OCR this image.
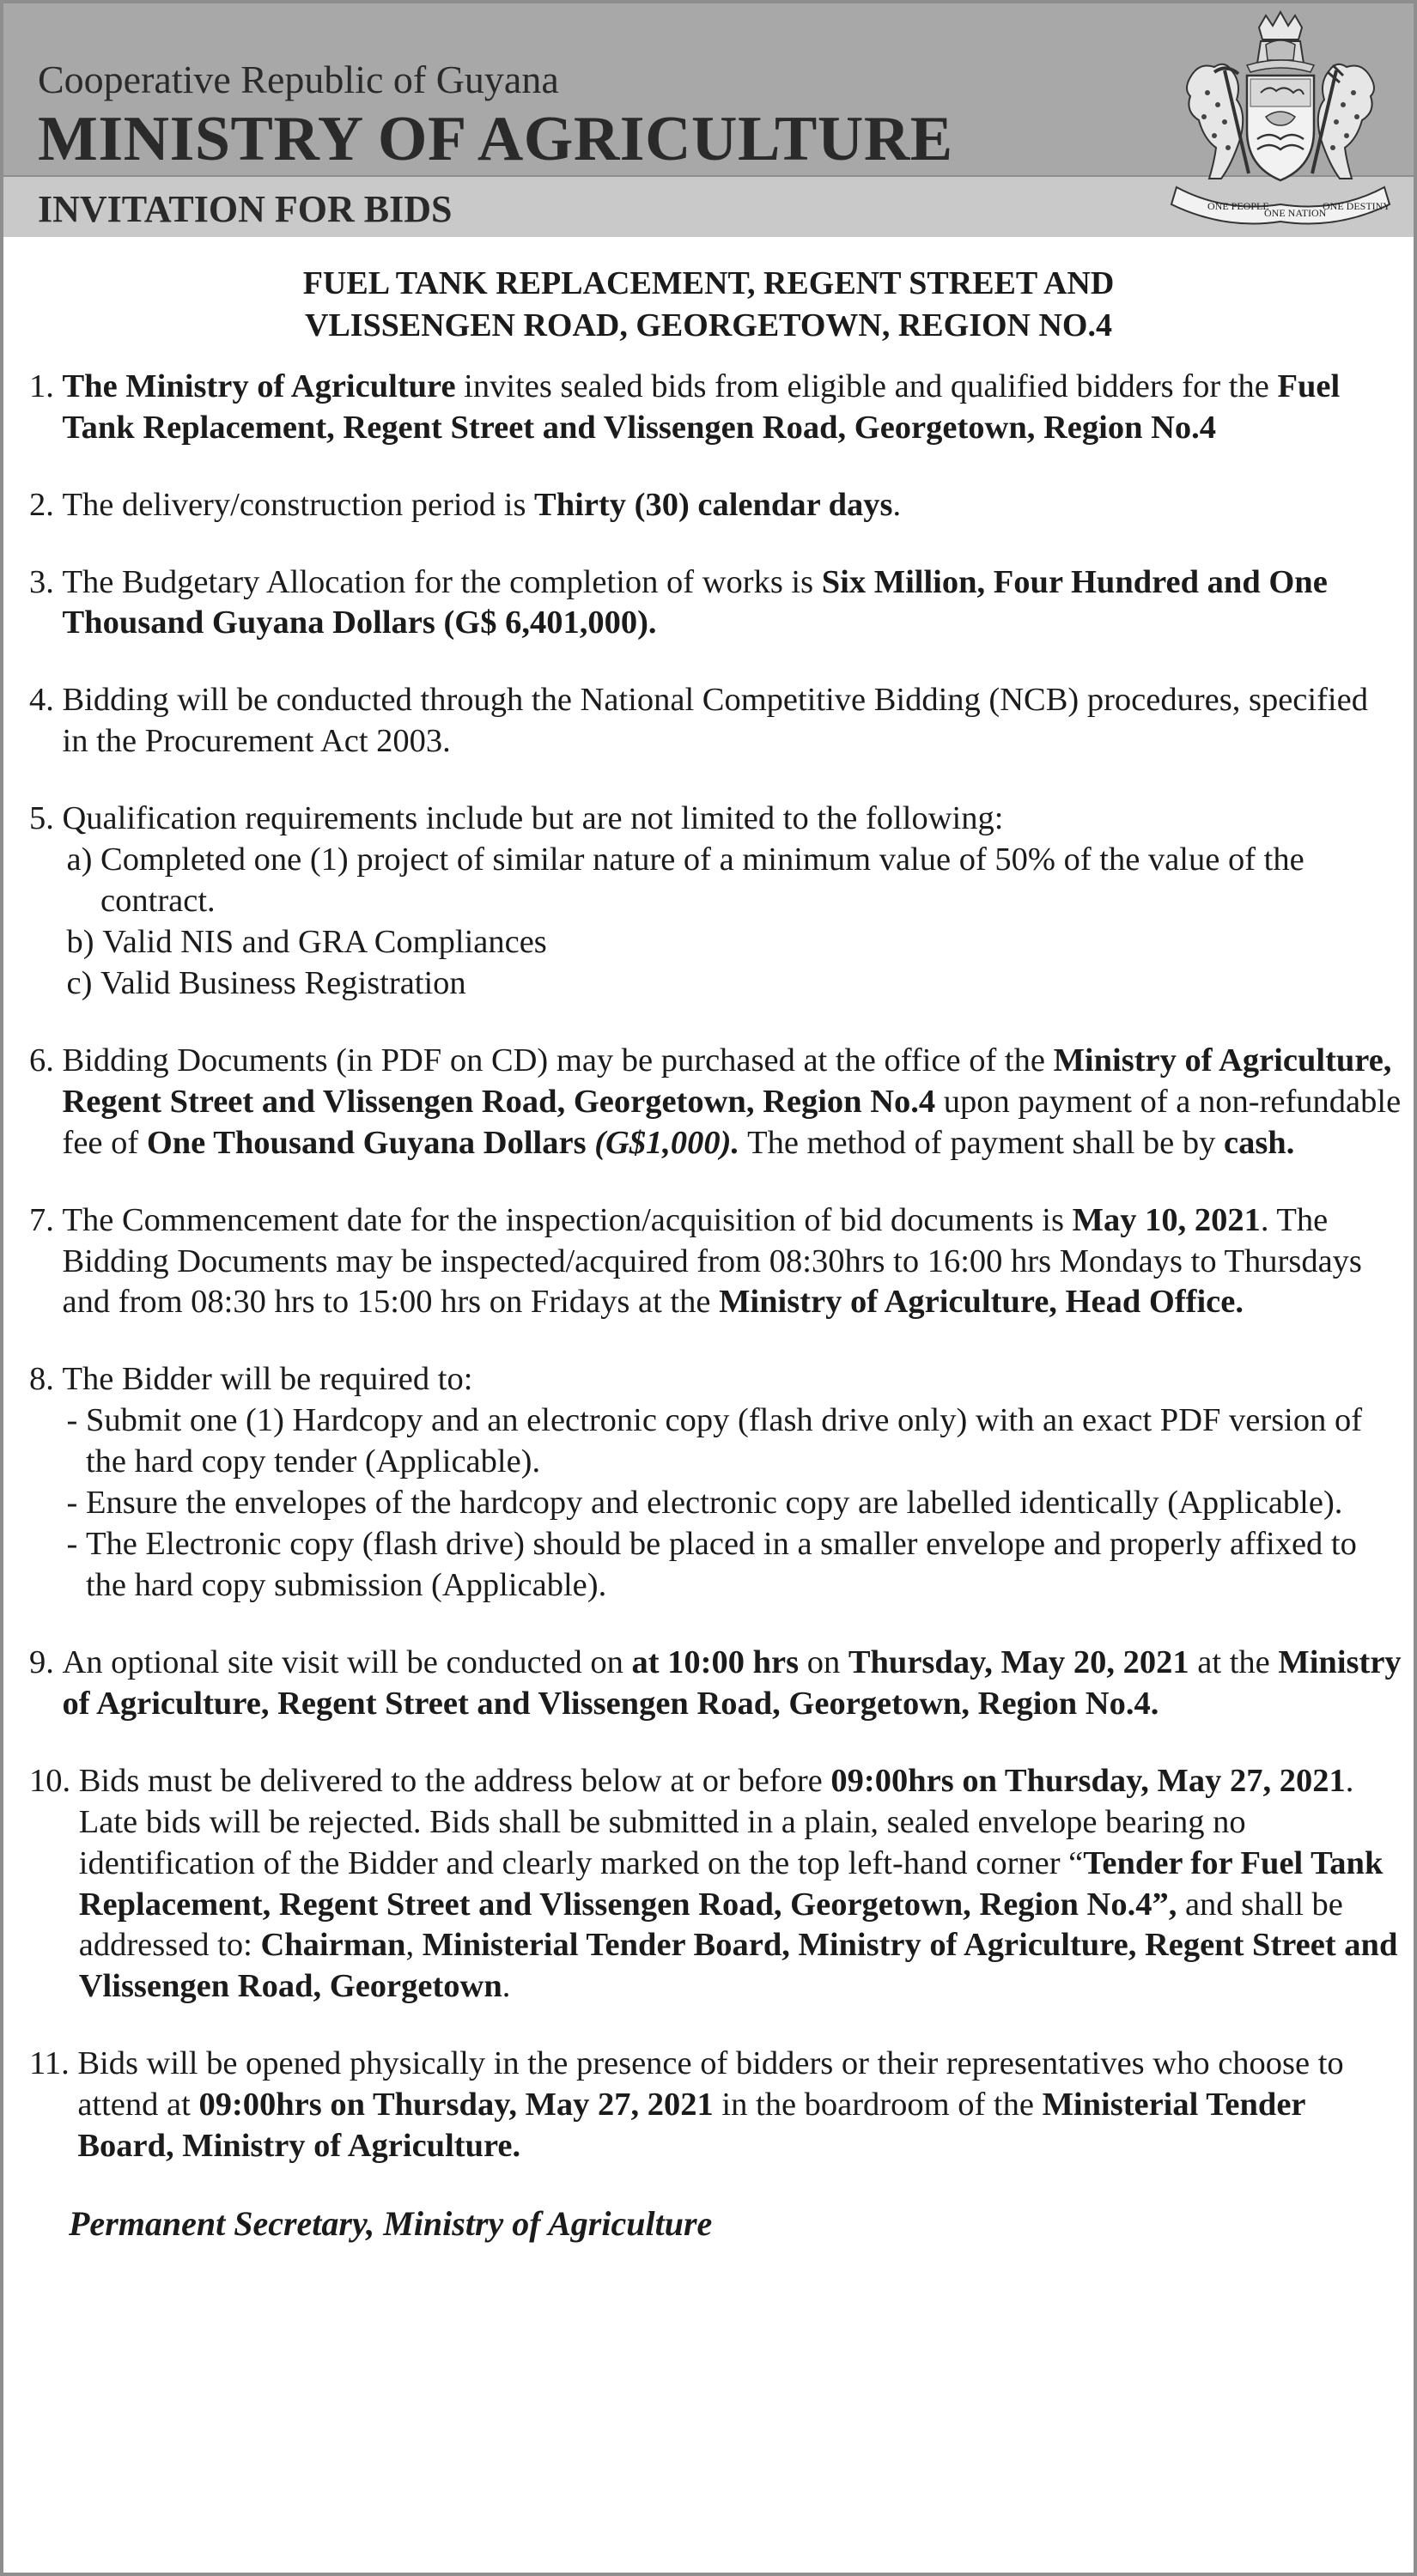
Cooperative Republic of Guyana

MINISTRY OF AGRICULTURE

INVITATION FOR BIDS	ONE PEOPLE
ONE NATION
ONE DESTINY
FUEL TANK REPLACEMENT, REGENT STREET AND
VLISSENGEN ROAD, GEORGETOWN, REGION NO.4
1. The Ministry of Agriculture invites sealed bids from eligible and qualified bidders for the Fuel Tank Replacement, Regent Street and Vlissengen Road, Georgetown, Region No.4

2. The delivery/construction period is Thirty (30) calendar days.

3. The Budgetary Allocation for the completion of works is Six Million, Four Hundred and One Thousand Guyana Dollars (G$ 6,401,000).

4. Bidding will be conducted through the National Competitive Bidding (NCB) procedures, specified in the Procurement Act 2003.

5. Qualification requirements include but are not limited to the following:

a) Completed one (1) project of similar nature of a minimum value of 50% of the value of the contract.
b) Valid NIS and GRA Compliances
c) Valid Business Registration
6. Bidding Documents (in PDF on CD) may be purchased at the office of the Ministry of Agriculture, Regent Street and Vlissengen Road, Georgetown, Region No.4 upon payment of a non-refundable fee of One Thousand Guyana Dollars (G$1,000). The method of payment shall be by cash.

7. The Commencement date for the inspection/acquisition of bid documents is May 10, 2021. The Bidding Documents may be inspected/acquired from 08:30hrs to 16:00 hrs Mondays to Thursdays and from 08:30 hrs to 15:00 hrs on Fridays at the Ministry of Agriculture, Head Office.

8. The Bidder will be required to:

- Submit one (1) Hardcopy and an electronic copy (flash drive only) with an exact PDF version of the hard copy tender (Applicable).
- Ensure the envelopes of the hardcopy and electronic copy are labelled identically (Applicable).
- The Electronic copy (flash drive) should be placed in a smaller envelope and properly affixed to the hard copy submission (Applicable).
9. An optional site visit will be conducted on at 10:00 hrs on Thursday, May 20, 2021 at the Ministry of Agriculture, Regent Street and Vlissengen Road, Georgetown, Region No.4.

10. Bids must be delivered to the address below at or before 09:00hrs on Thursday, May 27, 2021. Late bids will be rejected. Bids shall be submitted in a plain, sealed envelope bearing no identification of the Bidder and clearly marked on the top left-hand corner “Tender for Fuel Tank Replacement, Regent Street and Vlissengen Road, Georgetown, Region No.4”, and shall be addressed to: Chairman, Ministerial Tender Board, Ministry of Agriculture, Regent Street and Vlissengen Road, Georgetown.

11. Bids will be opened physically in the presence of bidders or their representatives who choose to attend at 09:00hrs on Thursday, May 27, 2021 in the boardroom of the Ministerial Tender Board, Ministry of Agriculture.

Permanent Secretary, Ministry of Agriculture
